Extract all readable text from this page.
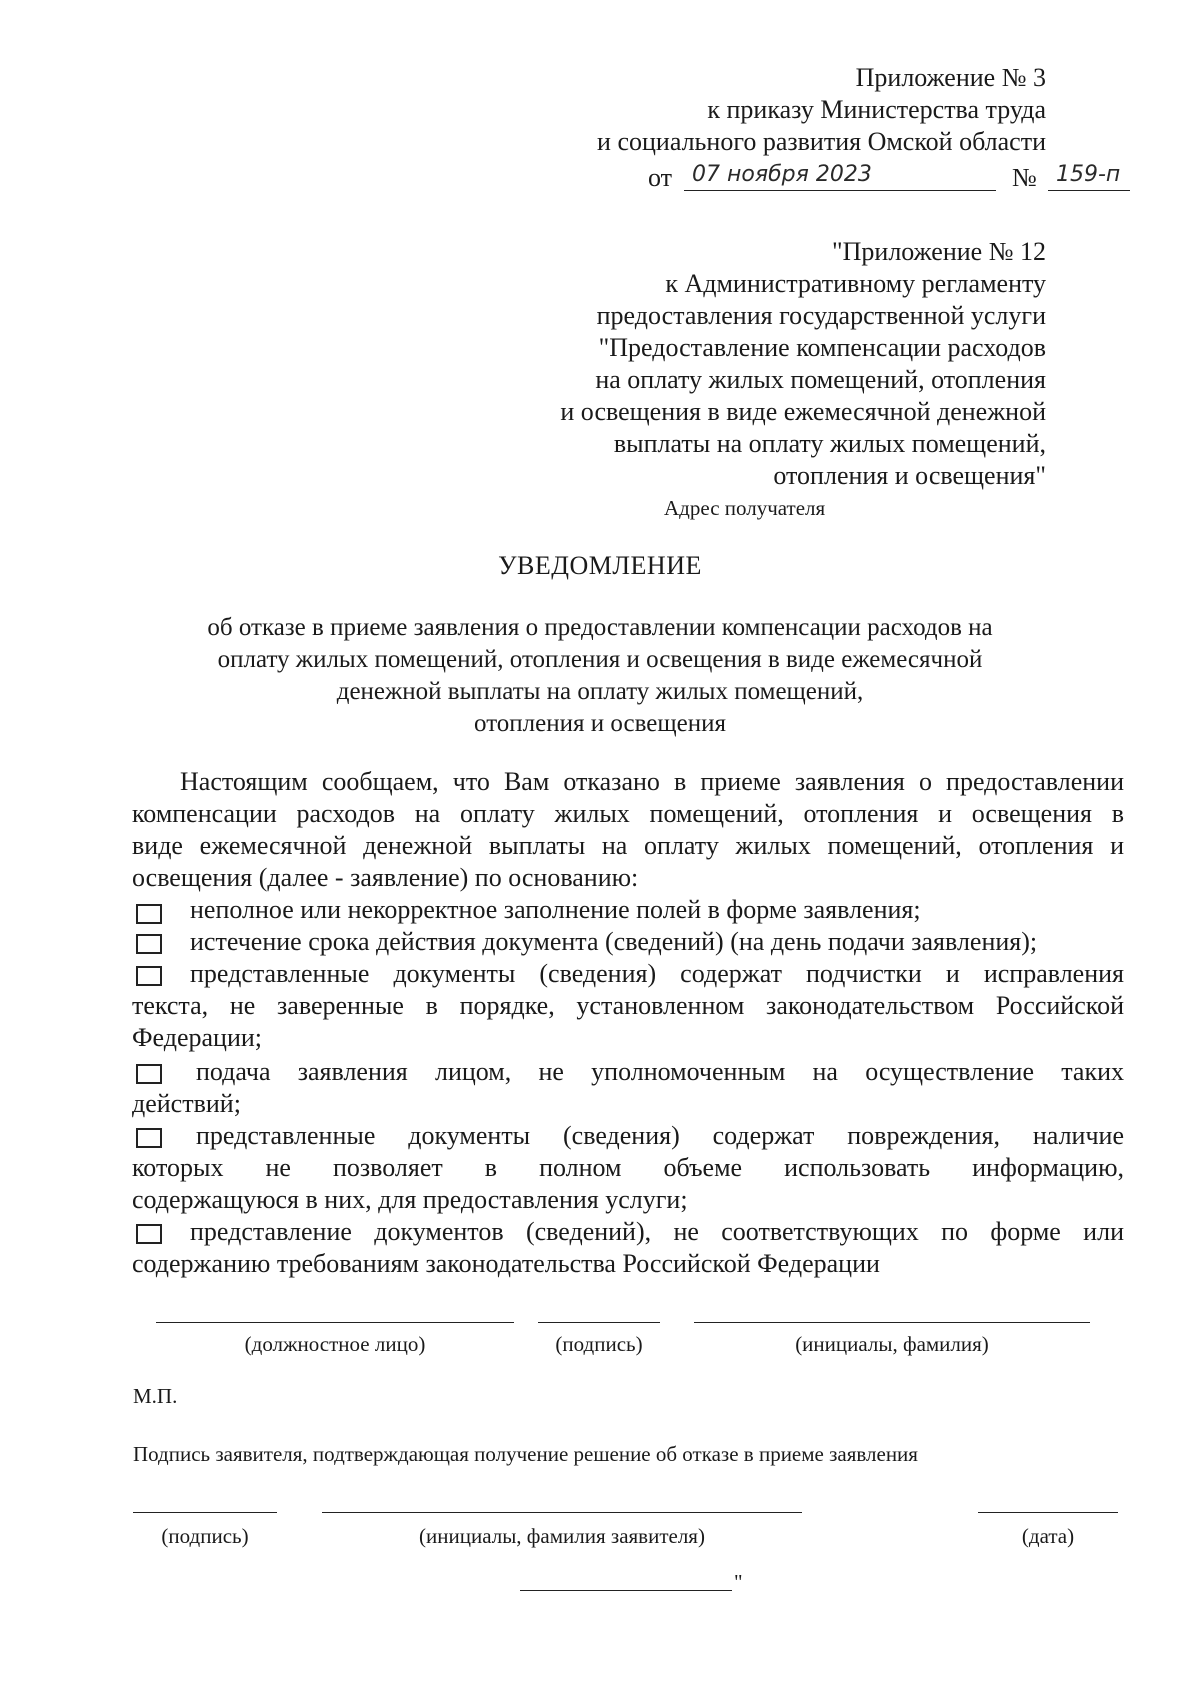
Приложение № 3
к приказу Министерства труда
и социального развития Омской области
от 07 ноября 2023	№ 159-п
"Приложение № 12
к Административному регламенту
предоставления государственной услуги
"Предоставление компенсации расходов
на оплату жилых помещений, отопления
и освещения в виде ежемесячной денежной
выплаты на оплату жилых помещений,
отопления и освещения"
Адрес получателя
УВЕДОМЛЕНИЕ
об отказе в приеме заявления о предоставлении компенсации расходов на
оплату жилых помещений, отопления и освещения в виде ежемесячной
денежной выплаты на оплату жилых помещений,
отопления и освещения
Настоящим сообщаем, что Вам отказано в приеме заявления о предоставлении
компенсации расходов на оплату жилых помещений, отопления и освещения в
виде ежемесячной денежной выплаты на оплату жилых помещений, отопления и
освещения (далее - заявление) по основанию:
неполное или некорректное заполнение полей в форме заявления;
истечение срока действия документа (сведений) (на день подачи заявления);
представленные документы (сведения) содержат подчистки и исправления
текста, не заверенные в порядке, установленном законодательством Российской
Федерации;
подача заявления лицом, не уполномоченным на осуществление таких
действий;
представленные документы (сведения) содержат повреждения, наличие
которых не позволяет в полном объеме использовать информацию,
содержащуюся в них, для предоставления услуги;
представление документов (сведений), не соответствующих по форме или
содержанию требованиям законодательства Российской Федерации
(должностное лицо)	(подпись)	(инициалы, фамилия)
М.П.
Подпись заявителя, подтверждающая получение решение об отказе в приеме заявления
(подпись)	(инициалы, фамилия заявителя)	(дата)
"
